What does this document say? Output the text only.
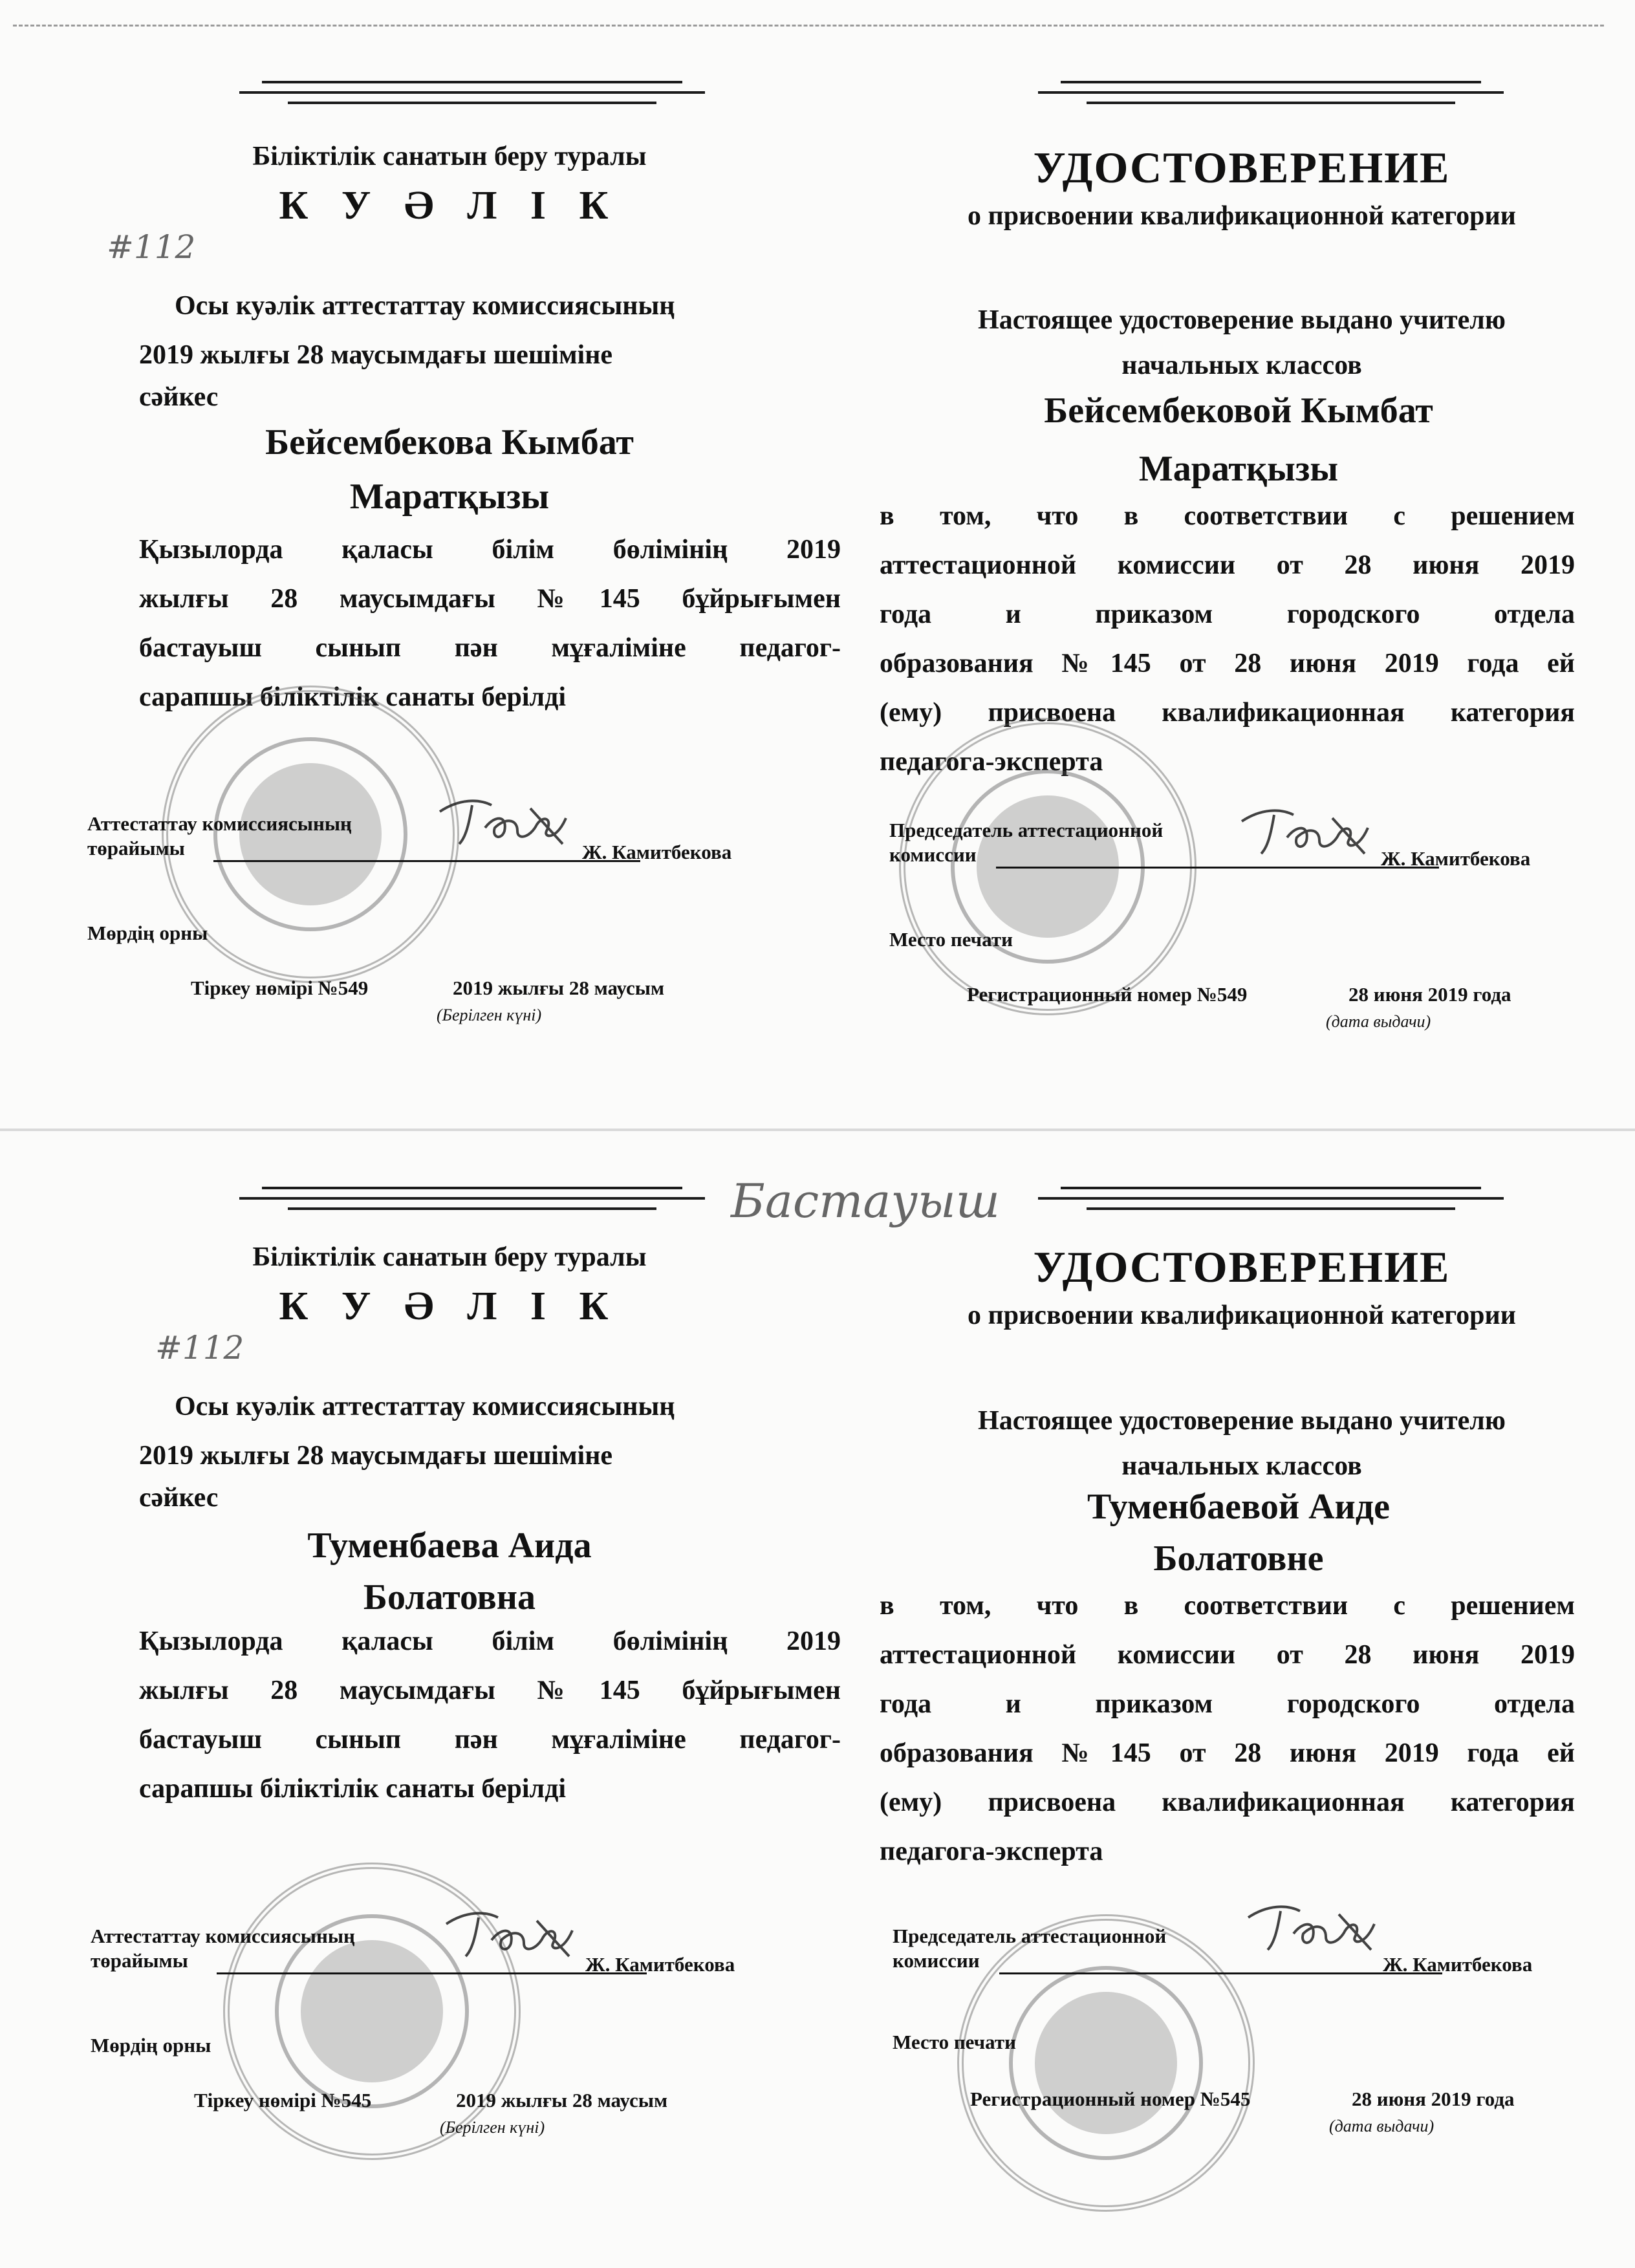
Біліктілік санатын беру туралы
К У Ә Л І К
#112
Осы куәлік аттестаттау комиссиясының
2019 жылғы 28 маусымдағы шешіміне
сәйкес
Бейсембекова Кымбат
Маратқызы
Қызылорда қаласы білім бөлімінің 2019
жылғы 28 маусымдағы №145 бұйрығымен
бастауыш сынып пән мұғаліміне педагог-
сарапшы біліктілік санаты берілді
Аттестаттау комиссиясының
төрайымы	Ж. Камитбекова
Мөрдің орны
Тіркеу нөмірі №549	2019 жылғы 28 маусым
(Берілген күні)
УДОСТОВЕРЕНИЕ
о присвоении квалификационной категории
Настоящее удостоверение выдано учителю
начальных классов
Бейсембековой Кымбат
Маратқызы
в том, что в соответствии с решением
аттестационной комиссии от 28 июня 2019
года и приказом городского отдела
образования №145 от 28 июня 2019 года ей
(ему) присвоена квалификационная категория
педагога-эксперта
Председатель аттестационной
комиссии	Ж. Камитбекова
Место печати
Регистрационный номер №549	28 июня 2019 года
(дата выдачи)
Бастауыш
Біліктілік санатын беру туралы
К У Ә Л І К
#112
Осы куәлік аттестаттау комиссиясының
2019 жылғы 28 маусымдағы шешіміне
сәйкес
Туменбаева Аида
Болатовна
Қызылорда қаласы білім бөлімінің 2019
жылғы 28 маусымдағы №145 бұйрығымен
бастауыш сынып пән мұғаліміне педагог-
сарапшы біліктілік санаты берілді
Аттестаттау комиссиясының
төрайымы	Ж. Камитбекова
Мөрдің орны
Тіркеу нөмірі №545	2019 жылғы 28 маусым
(Берілген күні)
УДОСТОВЕРЕНИЕ
о присвоении квалификационной категории
Настоящее удостоверение выдано учителю
начальных классов
Туменбаевой Аиде
Болатовне
в том, что в соответствии с решением
аттестационной комиссии от 28 июня 2019
года и приказом городского отдела
образования №145 от 28 июня 2019 года ей
(ему) присвоена квалификационная категория
педагога-эксперта
Председатель аттестационной
комиссии	Ж. Камитбекова
Место печати
Регистрационный номер №545	28 июня 2019 года
(дата выдачи)
